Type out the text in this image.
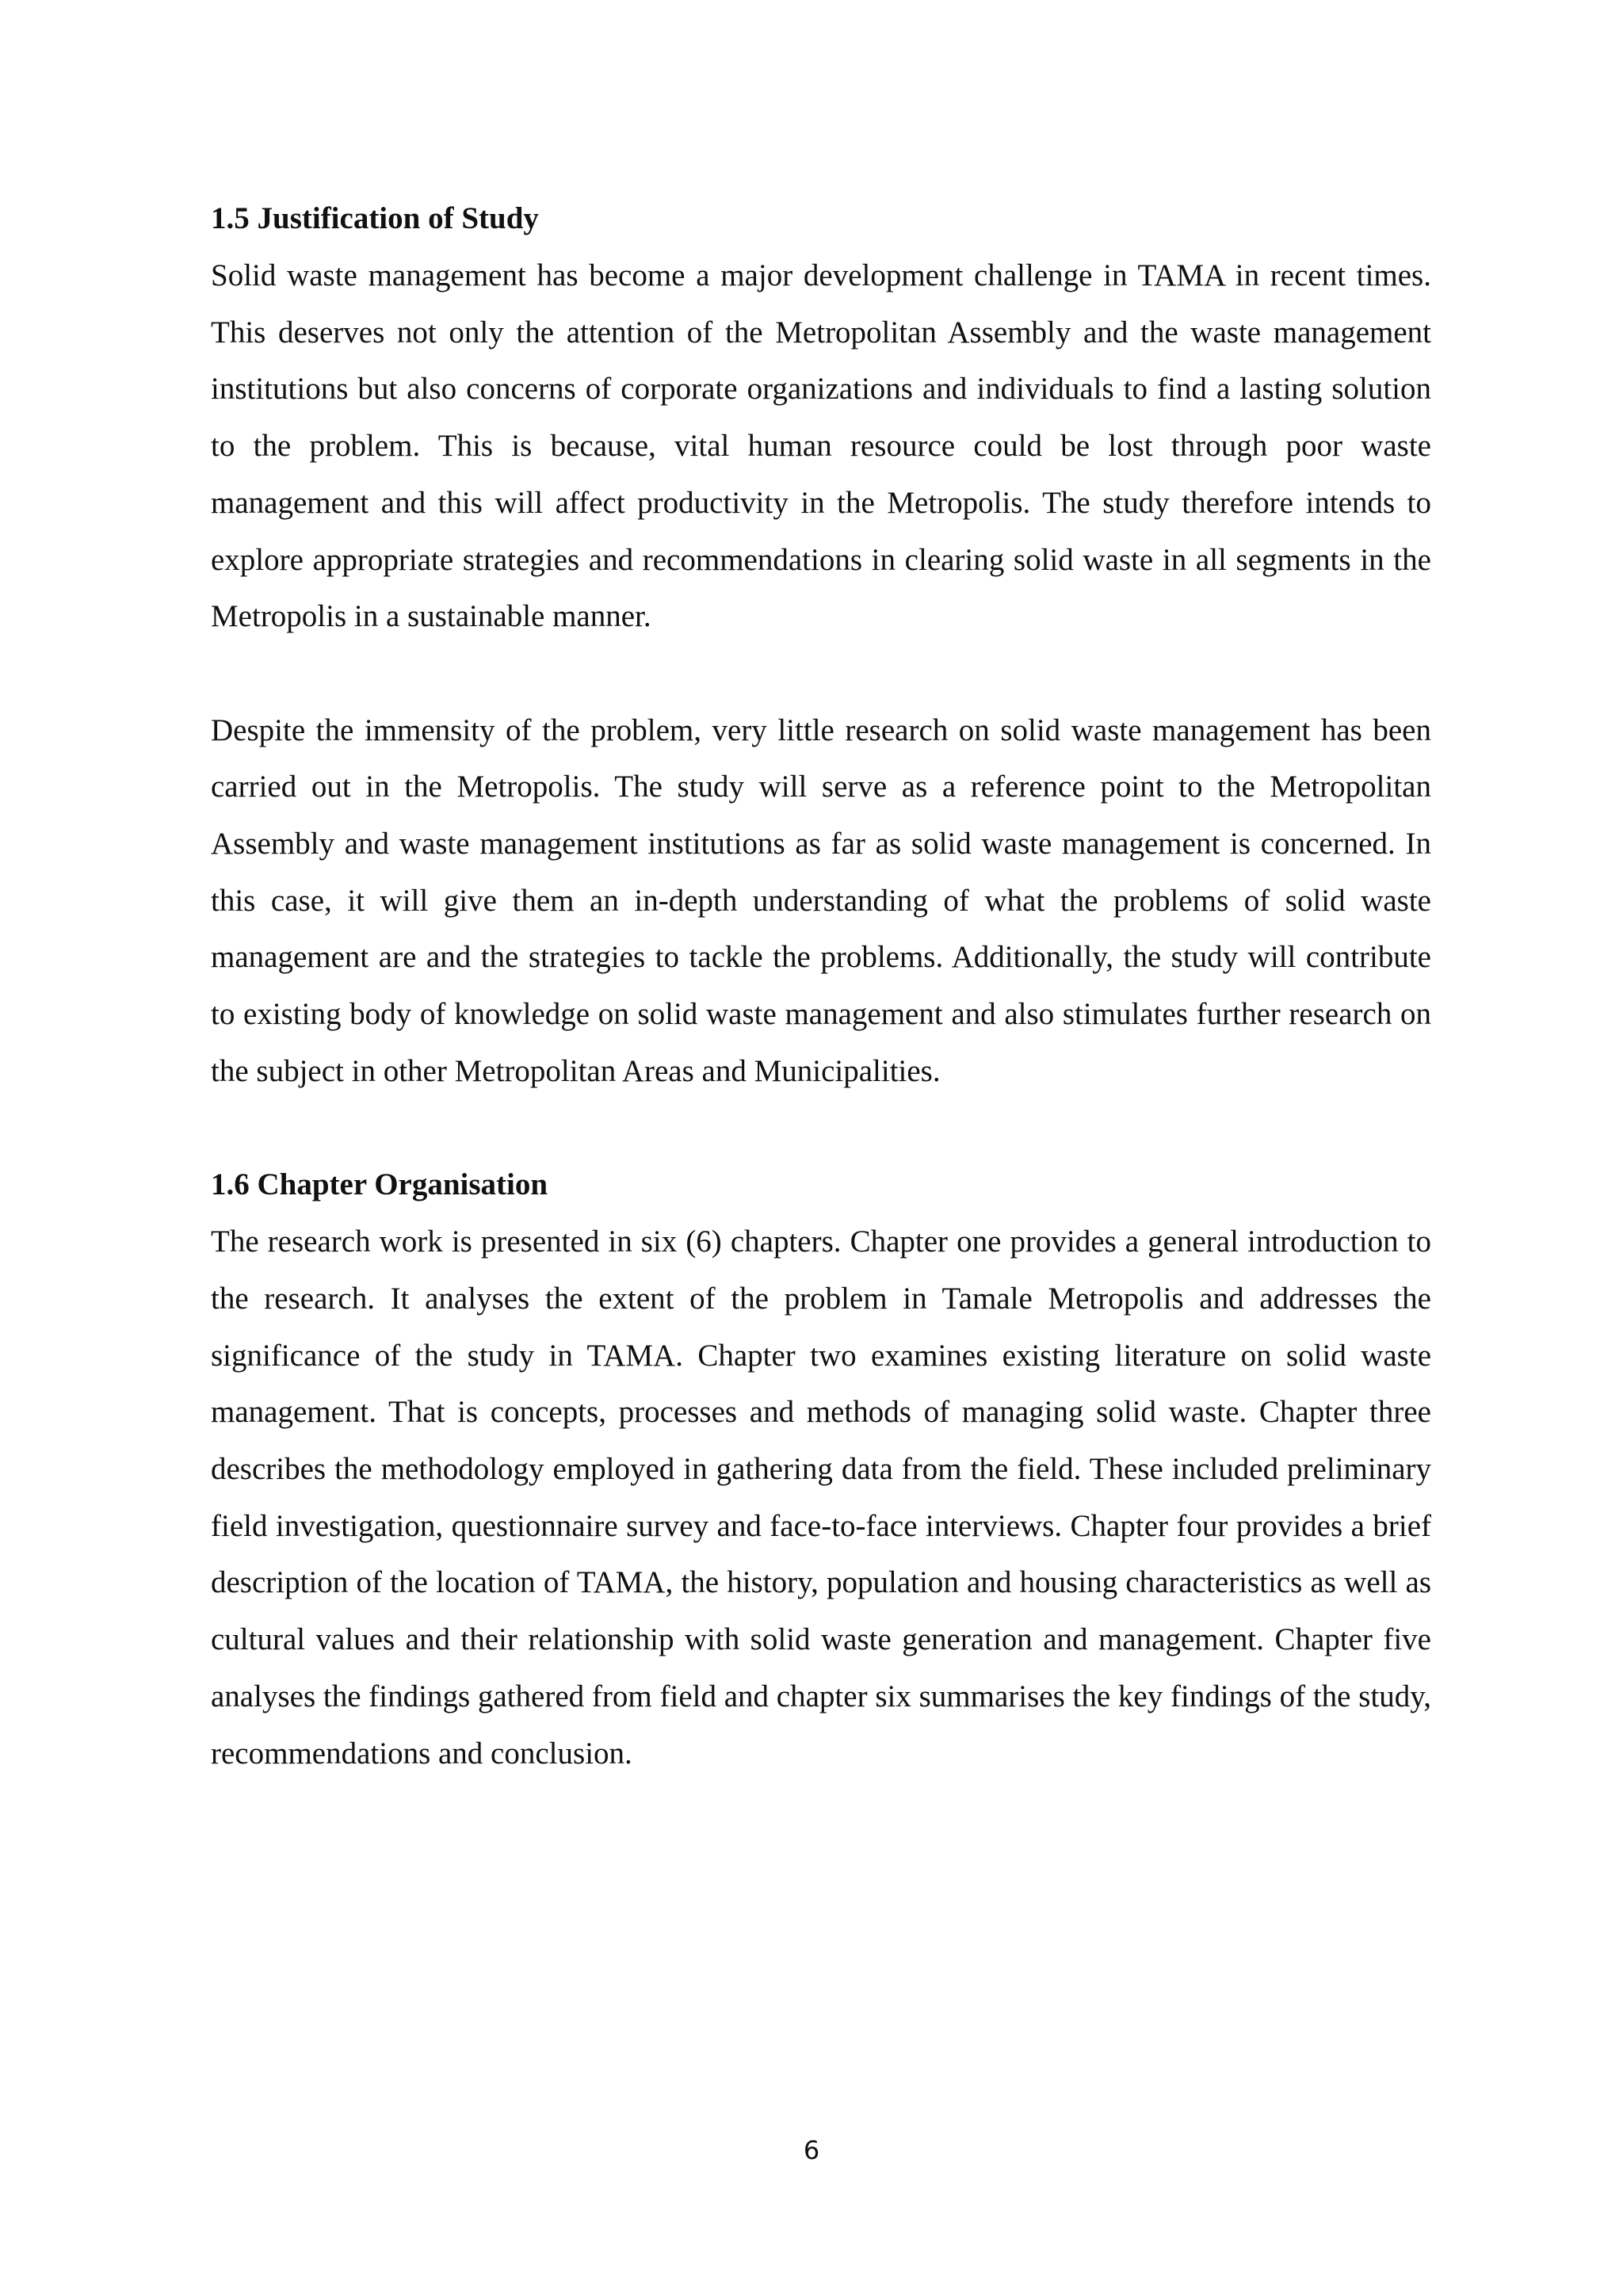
1.5 Justification of Study

Solid waste management has become a major development challenge in TAMA in recent times. This deserves not only the attention of the Metropolitan Assembly and the waste management institutions but also concerns of corporate organizations and individuals to find a lasting solution to the problem. This is because, vital human resource could be lost through poor waste management and this will affect productivity in the Metropolis. The study therefore intends to explore appropriate strategies and recommendations in clearing solid waste in all segments in the Metropolis in a sustainable manner.

Despite the immensity of the problem, very little research on solid waste management has been carried out in the Metropolis. The study will serve as a reference point to the Metropolitan Assembly and waste management institutions as far as solid waste management is concerned. In this case, it will give them an in-depth understanding of what the problems of solid waste management are and the strategies to tackle the problems. Additionally, the study will contribute to existing body of knowledge on solid waste management and also stimulates further research on the subject in other Metropolitan Areas and Municipalities.

1.6 Chapter Organisation

The research work is presented in six (6) chapters. Chapter one provides a general introduction to the research. It analyses the extent of the problem in Tamale Metropolis and addresses the significance of the study in TAMA. Chapter two examines existing literature on solid waste management. That is concepts, processes and methods of managing solid waste. Chapter three describes the methodology employed in gathering data from the field. These included preliminary field investigation, questionnaire survey and face-to-face interviews. Chapter four provides a brief description of the location of TAMA, the history, population and housing characteristics as well as cultural values and their relationship with solid waste generation and management. Chapter five analyses the findings gathered from field and chapter six summarises the key findings of the study, recommendations and conclusion.

6
